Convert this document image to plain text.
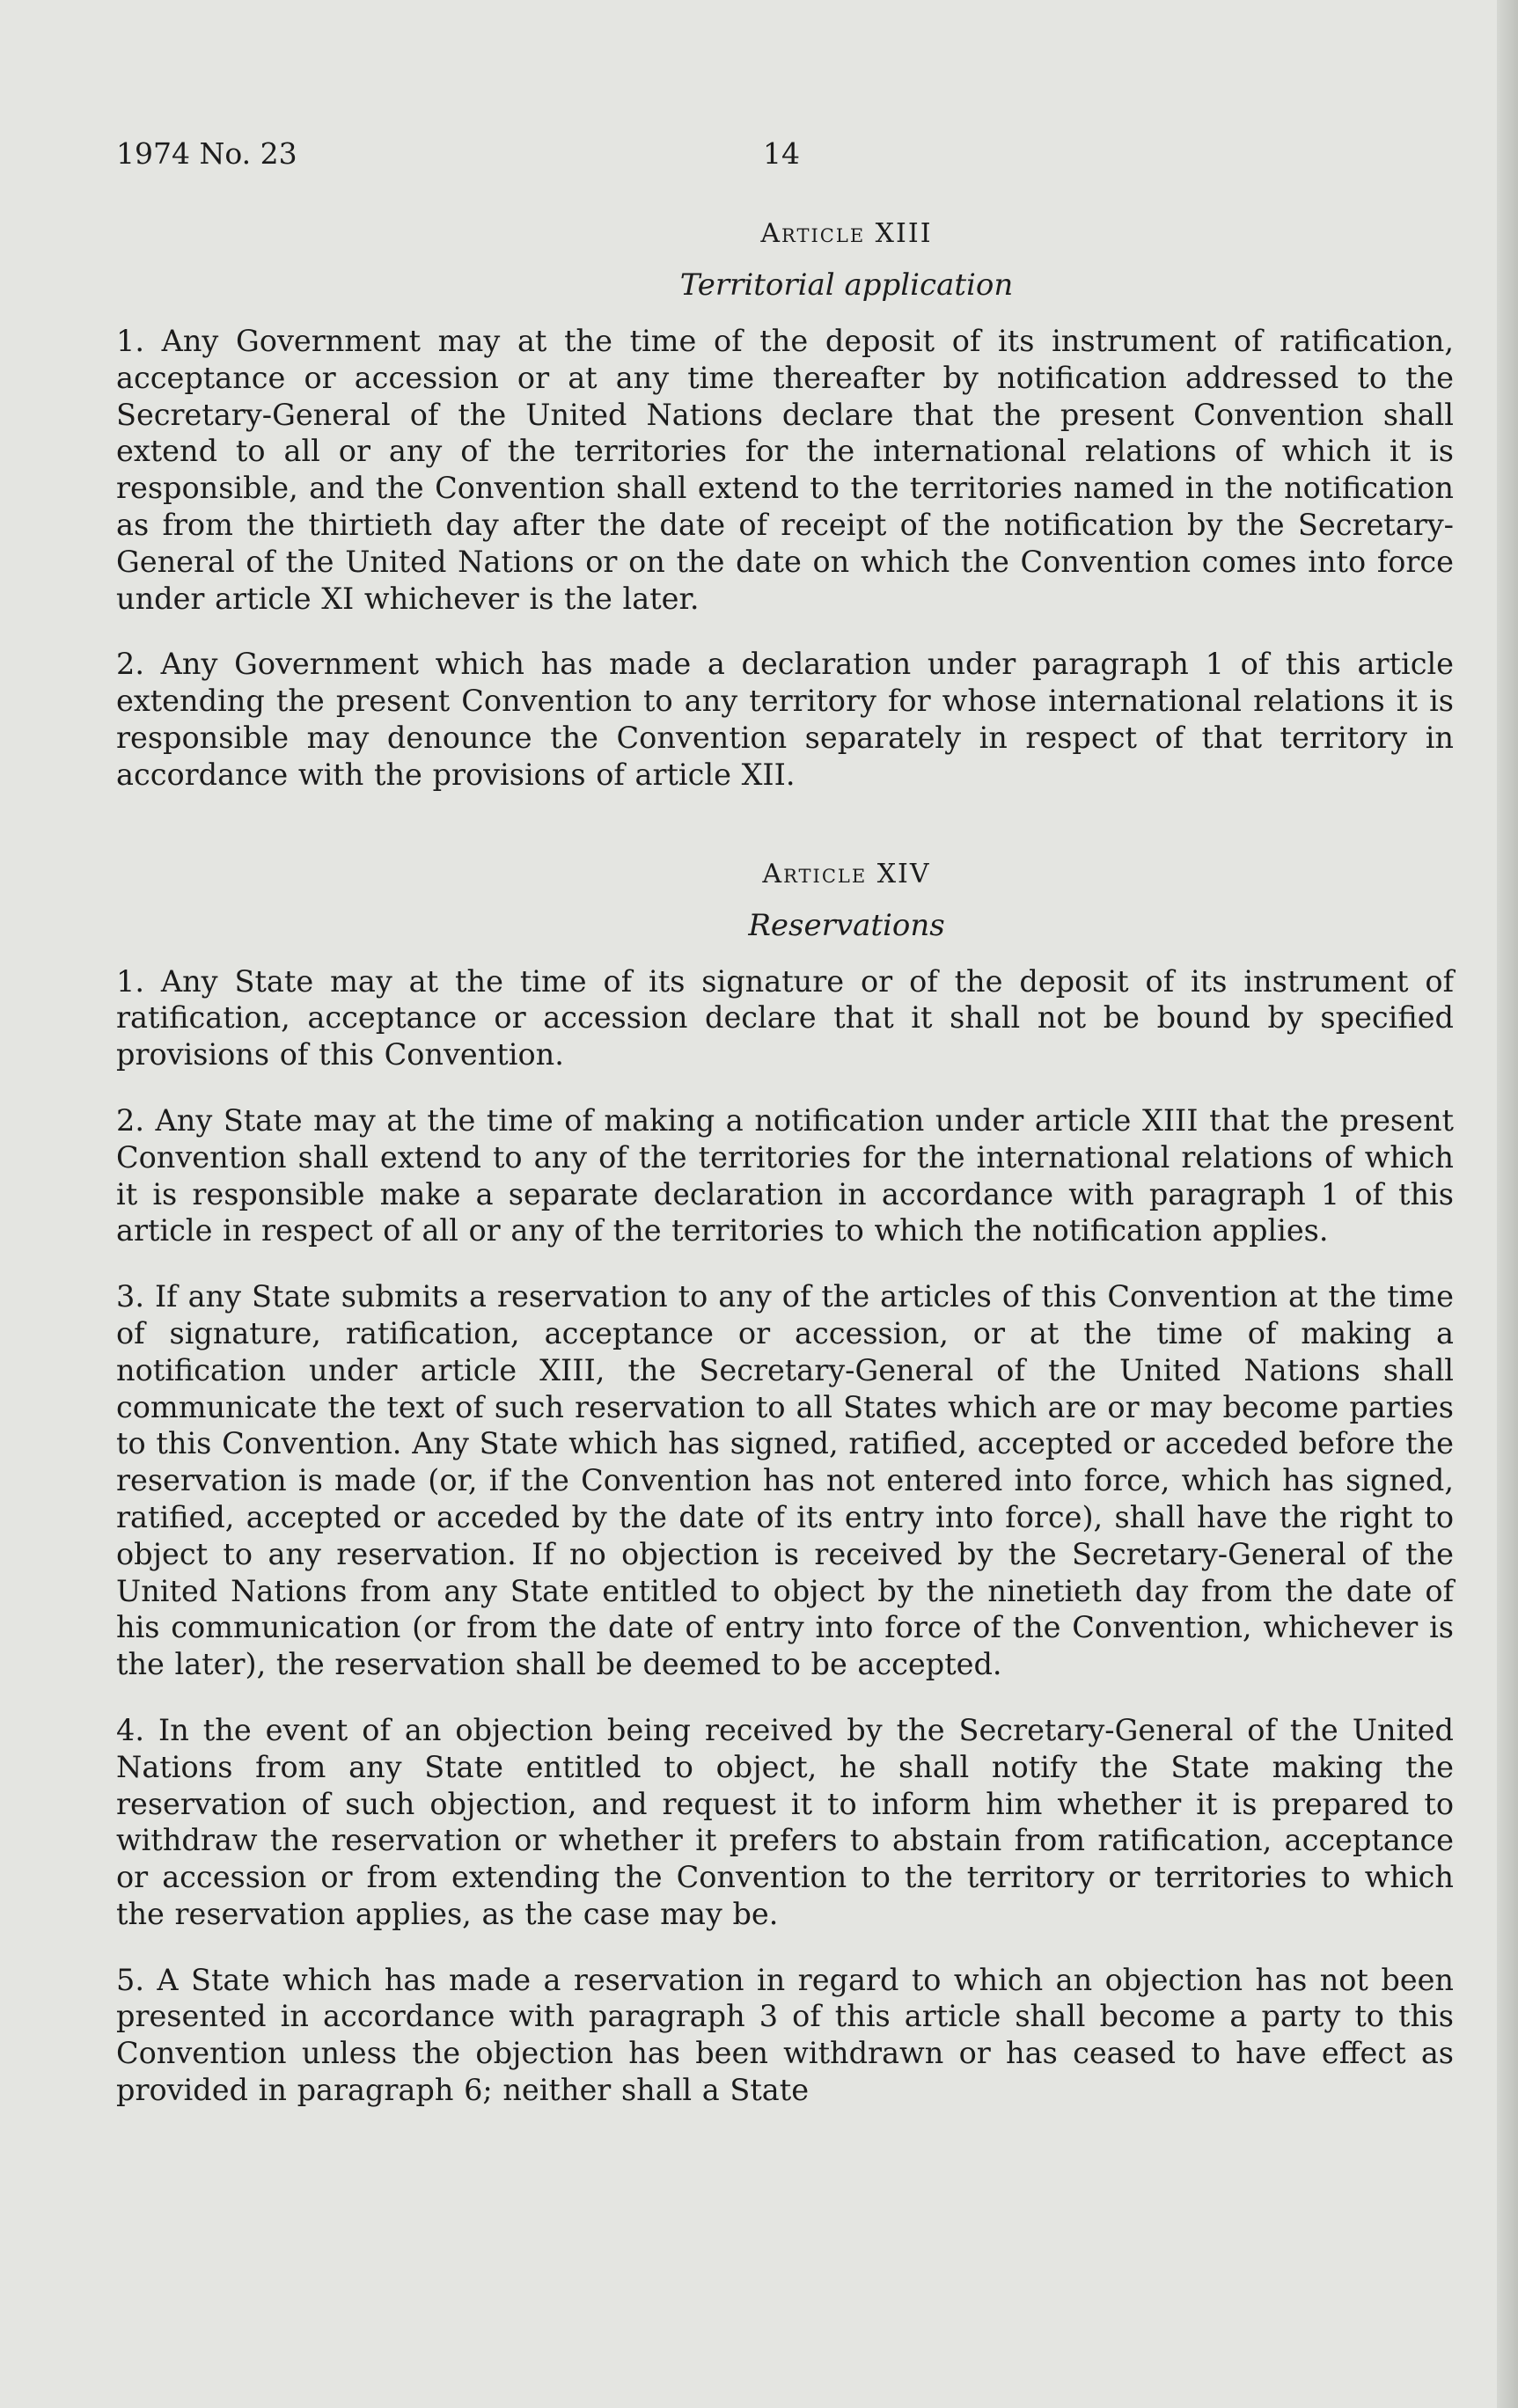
1974 No. 23	14
Article XIII
Territorial application

1. Any Government may at the time of the deposit of its instrument of ratification, acceptance or accession or at any time thereafter by notification addressed to the Secretary-General of the United Nations declare that the present Convention shall extend to all or any of the territories for the international relations of which it is responsible, and the Convention shall extend to the territories named in the notification as from the thirtieth day after the date of receipt of the notification by the Secretary-General of the United Nations or on the date on which the Convention comes into force under article XI whichever is the later.

2. Any Government which has made a declaration under paragraph 1 of this article extending the present Convention to any territory for whose international relations it is responsible may denounce the Convention separately in respect of that territory in accordance with the provisions of article XII.

Article XIV
Reservations

1. Any State may at the time of its signature or of the deposit of its instrument of ratification, acceptance or accession declare that it shall not be bound by specified provisions of this Convention.

2. Any State may at the time of making a notification under article XIII that the present Convention shall extend to any of the territories for the international relations of which it is responsible make a separate declaration in accordance with paragraph 1 of this article in respect of all or any of the territories to which the notification applies.

3. If any State submits a reservation to any of the articles of this Convention at the time of signature, ratification, acceptance or accession, or at the time of making a notification under article XIII, the Secretary-General of the United Nations shall communicate the text of such reservation to all States which are or may become parties to this Convention. Any State which has signed, ratified, accepted or acceded before the reservation is made (or, if the Convention has not entered into force, which has signed, ratified, accepted or acceded by the date of its entry into force), shall have the right to object to any reservation. If no objection is received by the Secretary-General of the United Nations from any State entitled to object by the ninetieth day from the date of his communication (or from the date of entry into force of the Convention, whichever is the later), the reservation shall be deemed to be accepted.

4. In the event of an objection being received by the Secretary-General of the United Nations from any State entitled to object, he shall notify the State making the reservation of such objection, and request it to inform him whether it is prepared to withdraw the reservation or whether it prefers to abstain from ratification, acceptance or accession or from extending the Convention to the territory or territories to which the reservation applies, as the case may be.

5. A State which has made a reservation in regard to which an objection has not been presented in accordance with paragraph 3 of this article shall become a party to this Convention unless the objection has been withdrawn or has ceased to have effect as provided in paragraph 6; neither shall a State
